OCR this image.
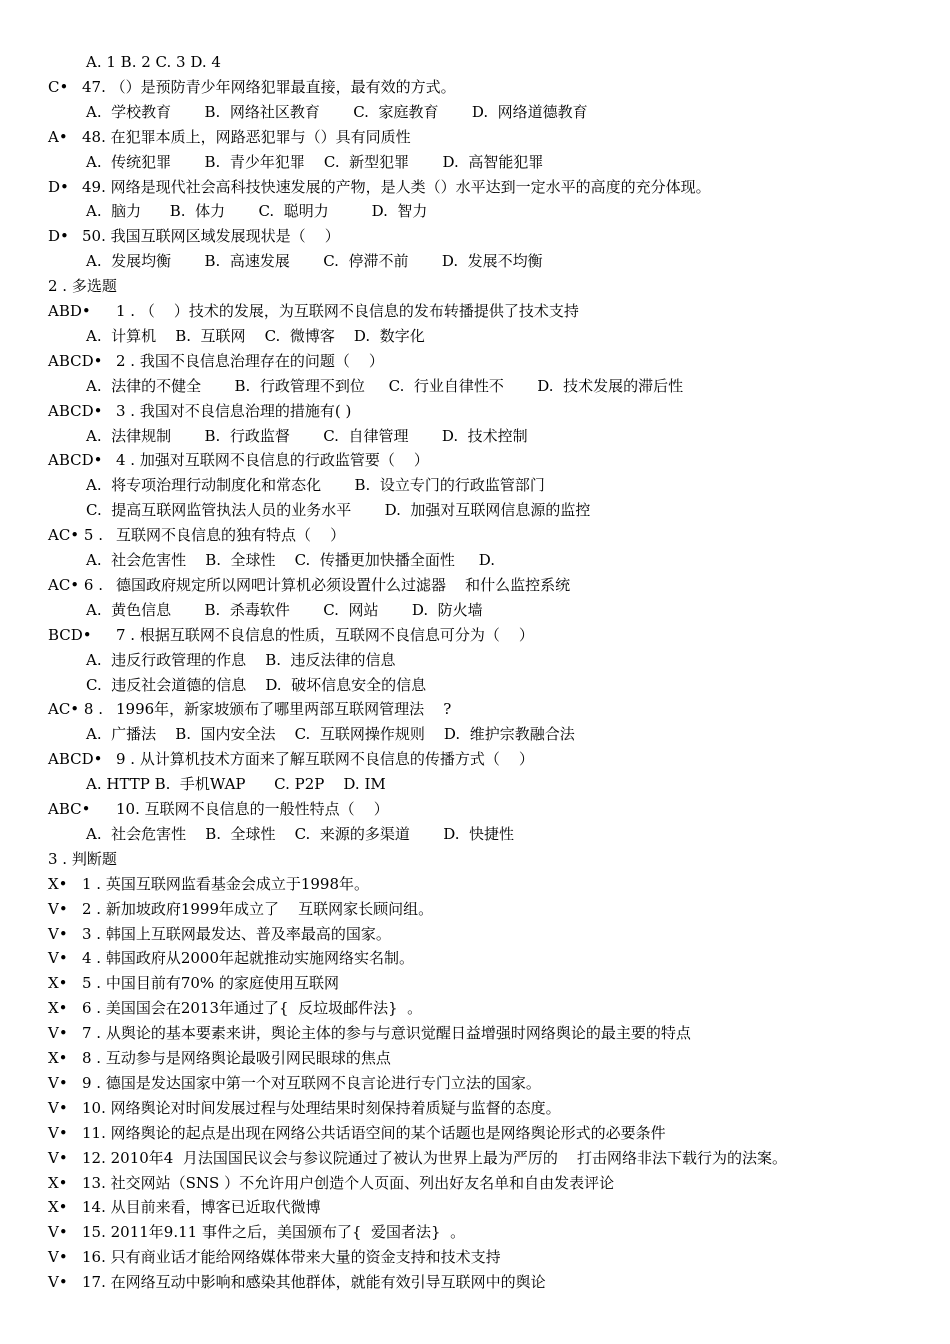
A. 1 B. 2 C. 3 D. 4
C• 47. （）是预防青少年网络犯罪最直接，最有效的方式。
A.  学校教育       B.  网络社区教育       C.  家庭教育       D.  网络道德教育
A• 48. 在犯罪本质上，网路恶犯罪与（）具有同质性
A.  传统犯罪       B.  青少年犯罪    C.  新型犯罪       D.  高智能犯罪
D• 49. 网络是现代社会高科技快速发展的产物，是人类（）水平达到一定水平的高度的充分体现。
A.  脑力      B.  体力       C.  聪明力         D.  智力
D• 50. 我国互联网区域发展现状是（    ）
A.  发展均衡       B.  高速发展       C.  停滞不前       D.  发展不均衡
2 . 多选题
ABD• 1 . （    ）技术的发展，为互联网不良信息的发布转播提供了技术支持
A.  计算机    B.  互联网    C.  微博客    D.  数字化
ABCD• 2 . 我国不良信息治理存在的问题（    ）
A.  法律的不健全       B.  行政管理不到位     C.  行业自律性不       D.  技术发展的滞后性
ABCD• 3 . 我国对不良信息治理的措施有( )
A.  法律规制       B.  行政监督       C.  自律管理       D.  技术控制
ABCD• 4 . 加强对互联网不良信息的行政监管要（    ）
A.  将专项治理行动制度化和常态化       B.  设立专门的行政监管部门
C.  提高互联网监管执法人员的业务水平       D.  加强对互联网信息源的监控
AC• 5 . 互联网不良信息的独有特点（    ）
A.  社会危害性    B.  全球性    C.  传播更加快播全面性     D.
AC• 6 . 德国政府规定所以网吧计算机必须设置什么过滤器    和什么监控系统
A.  黄色信息       B.  杀毒软件       C.  网站       D.  防火墙
BCD• 7 . 根据互联网不良信息的性质，互联网不良信息可分为（    ）
A.  违反行政管理的作息    B.  违反法律的信息
C.  违反社会道德的信息    D.  破坏信息安全的信息
AC• 8 . 1996年，新家坡颁布了哪里两部互联网管理法    ?
A.  广播法    B.  国内安全法    C.  互联网操作规则    D.  维护宗教融合法
ABCD• 9 . 从计算机技术方面来了解互联网不良信息的传播方式（    ）
A. HTTP B.  手机WAP      C. P2P    D. IM
ABC• 10. 互联网不良信息的一般性特点（    ）
A.  社会危害性    B.  全球性    C.  来源的多渠道       D.  快捷性
3 . 判断题
X• 1 . 英国互联网监看基金会成立于1998年。
V• 2 . 新加坡政府1999年成立了    互联网家长顾问组。
V• 3 . 韩国上互联网最发达、普及率最高的国家。
V• 4 . 韩国政府从2000年起就推动实施网络实名制。
X• 5 . 中国目前有70% 的家庭使用互联网
X• 6 . 美国国会在2013年通过了{  反垃圾邮件法}  。
V• 7 . 从舆论的基本要素来讲，舆论主体的参与与意识觉醒日益增强时网络舆论的最主要的特点
X• 8 . 互动参与是网络舆论最吸引网民眼球的焦点
V• 9 . 德国是发达国家中第一个对互联网不良言论进行专门立法的国家。
V• 10. 网络舆论对时间发展过程与处理结果时刻保持着质疑与监督的态度。
V• 11. 网络舆论的起点是出现在网络公共话语空间的某个话题也是网络舆论形式的必要条件
V• 12. 2010年4  月法国国民议会与参议院通过了被认为世界上最为严厉的    打击网络非法下载行为的法案。
X• 13. 社交网站（SNS ）不允许用户创造个人页面、列出好友名单和自由发表评论
X• 14. 从目前来看，博客已近取代微博
V• 15. 2011年9.11 事件之后，美国颁布了{  爱国者法}  。
V• 16. 只有商业话才能给网络媒体带来大量的资金支持和技术支持
V• 17. 在网络互动中影响和感染其他群体，就能有效引导互联网中的舆论
